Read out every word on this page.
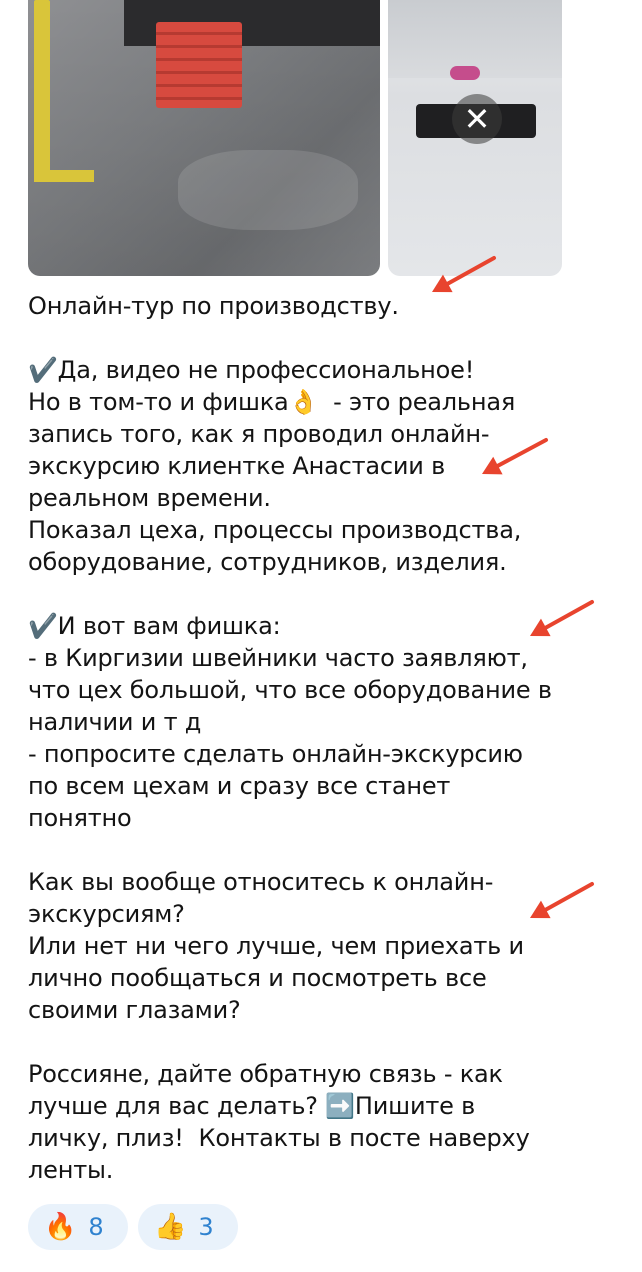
✕
Онлайн-тур по производству.

✔️Да, видео не профессиональное!
Но в том-то и фишка👌  - это реальная
запись того, как я проводил онлайн-
экскурсию клиентке Анастасии в
реальном времени.
Показал цеха, процессы производства,
оборудование, сотрудников, изделия.

✔️И вот вам фишка:
- в Киргизии швейники часто заявляют,
что цех большой, что все оборудование в
наличии и т д
- попросите сделать онлайн-экскурсию
по всем цехам и сразу все станет
понятно

Как вы вообще относитесь к онлайн-
экскурсиям?
Или нет ни чего лучше, чем приехать и
лично пообщаться и посмотреть все
своими глазами?

Россияне, дайте обратную связь - как
лучше для вас делать? ➡️Пишите в
личку, плиз!  Контакты в посте наверху
ленты.
🔥 8 👍 3
